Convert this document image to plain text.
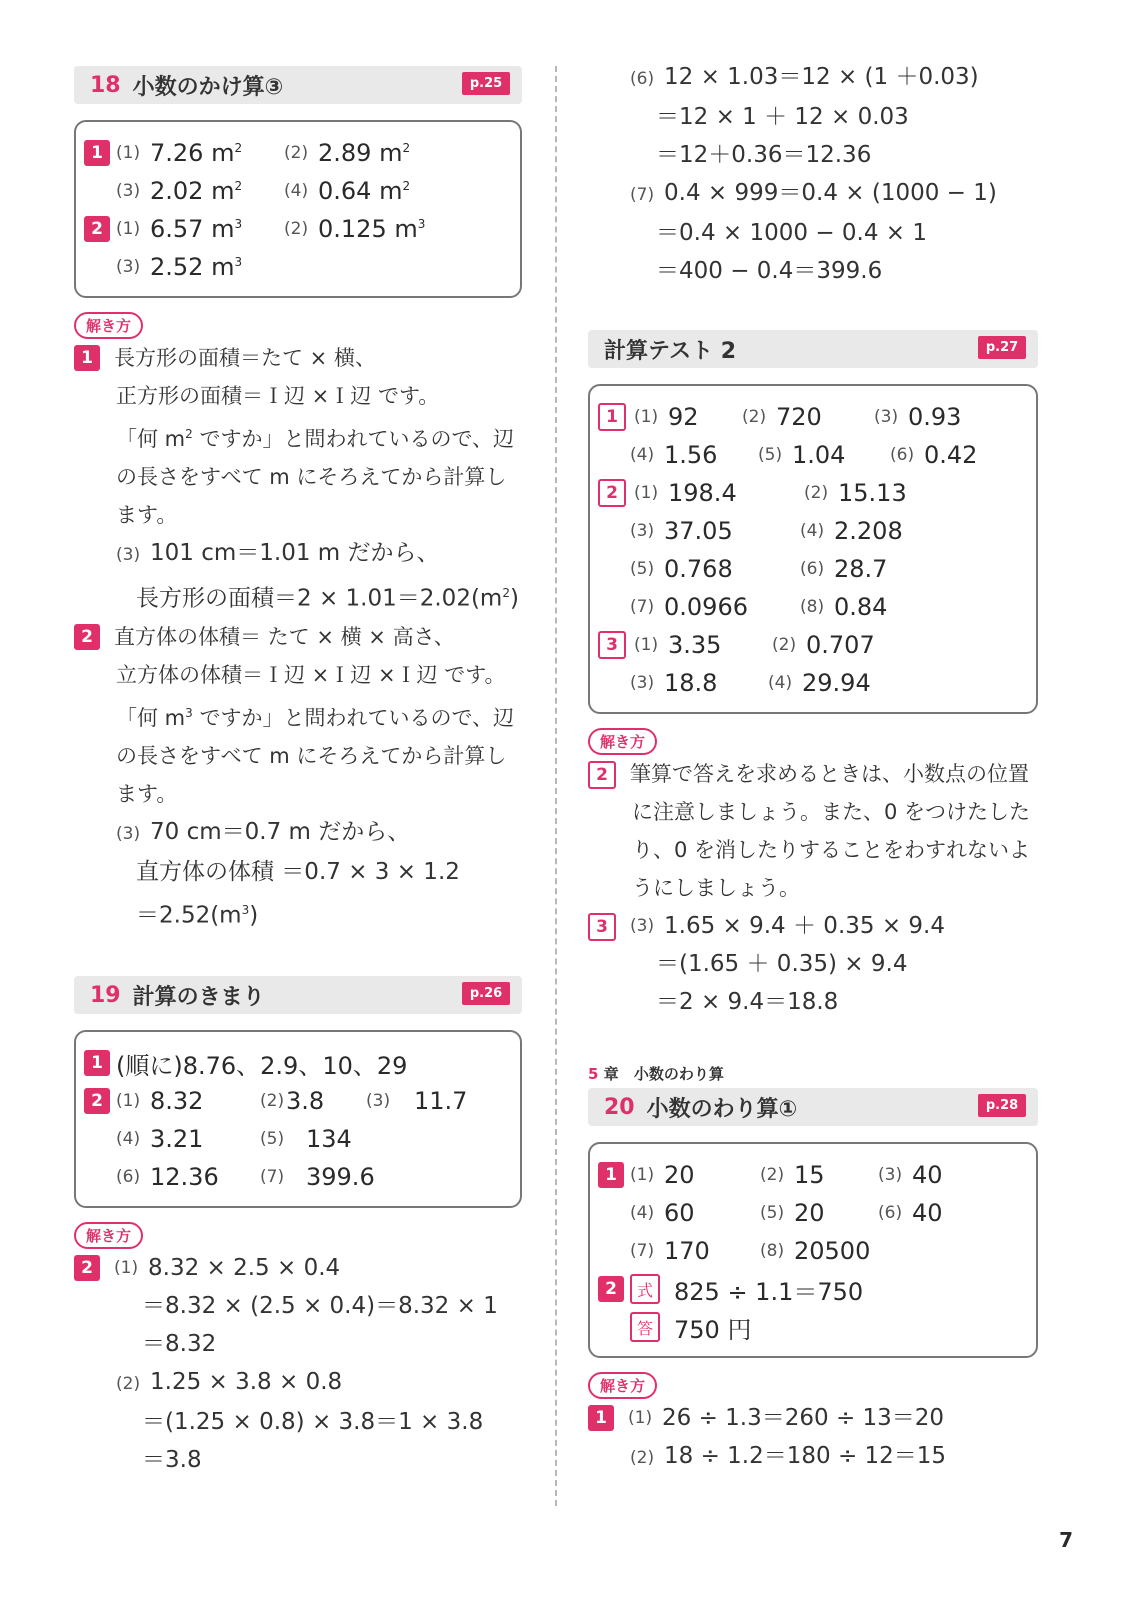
18 小数のかけ算③	p.25
1 (1) 7.26 $m^2$	(2) 2.89 $m^2$
(3) 2.02 $m^2$	(4) 0.64 $m^2$
2 (1) 6.57 $m^3$	(2) 0.125 $m^3$
(3) 2.52 $m^3$
解き方
1	長方形の面積＝たて × 横、
正方形の面積＝Ｉ辺 ×Ｉ辺 です。
「何 $m^2$ ですか」と問われているので、辺
の長さをすべて m にそろえてから計算し
ます。
(3) 101 cm＝1.01 m だから、
長方形の面積$=2 \times 1.01=2.02(m^2)$
2	直方体の体積＝ たて × 横 × 高さ、
立方体の体積＝Ｉ辺 ×Ｉ辺 ×Ｉ辺 です。
「何 $m^3$ ですか」と問われているので、辺
の長さをすべて m にそろえてから計算し
ます。
(3) 70 cm＝0.7 m だから、
直方体の体積 ＝0.7 × 3 × 1.2
$=2.52(m^3)$
19 計算のきまり	p.26
1 (順に)8.76、2.9、10、29
2 (1) 8.32	(2) 3.8	(3) 11.7
(4) 3.21	(5) 134
(6) 12.36	(7) 399.6
解き方
2	(1) 8.32 × 2.5 × 0.4
＝8.32 × (2.5 × 0.4)＝8.32 × 1
＝8.32
(2) 1.25 × 3.8 × 0.8
＝(1.25 × 0.8) × 3.8＝1 × 3.8
＝3.8
(6) 12 × 1.03＝12 × (1 ＋0.03)
＝12 × 1 ＋ 12 × 0.03
＝12＋0.36＝12.36
(7) 0.4 × 999＝0.4 × (1000 − 1)
＝0.4 × 1000 − 0.4 × 1
＝400 − 0.4＝399.6
計算テスト 2	p.27
1 (1) 92	(2) 720	(3) 0.93
(4) 1.56	(5) 1.04	(6) 0.42
2 (1) 198.4	(2) 15.13
(3) 37.05	(4) 2.208
(5) 0.768	(6) 28.7
(7) 0.0966	(8) 0.84
3 (1) 3.35	(2) 0.707
(3) 18.8	(4) 29.94
解き方
2	筆算で答えを求めるときは、小数点の位置
に注意しましょう。また、0 をつけたした
り、0 を消したりすることをわすれないよ
うにしましょう。
3	(3) 1.65 × 9.4 ＋ 0.35 × 9.4
＝(1.65 ＋ 0.35) × 9.4
＝2 × 9.4＝18.8
5 章 小数のわり算
20 小数のわり算①	p.28
1 (1) 20	(2) 15	(3) 40
(4) 60	(5) 20	(6) 40
(7) 170	(8) 20500
2	式 825 ÷ 1.1＝750
答 750 円
解き方
1	(1) 26 ÷ 1.3＝260 ÷ 13＝20
(2) 18 ÷ 1.2＝180 ÷ 12＝15
7
